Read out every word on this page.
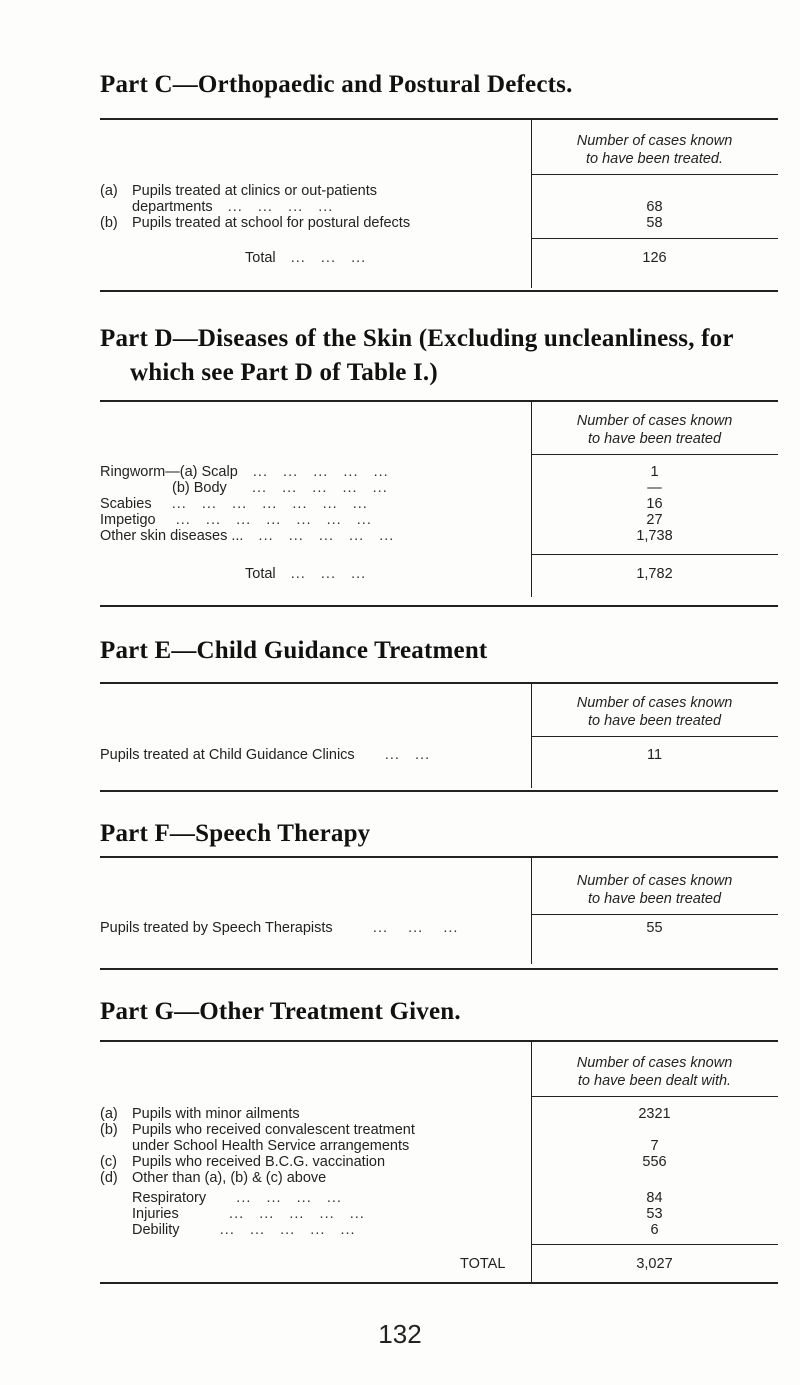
Part C—Orthopaedic and Postural Defects.
Number of cases known
to have been treated.
(a) Pupils treated at clinics or out-patients
departments   ...   ...   ...   ...	68
(b) Pupils treated at school for postural defects	58
Total   ...   ...   ...	126
Part D—Diseases of the Skin (Excluding uncleanliness, for
which see Part D of Table I.)
Number of cases known
to have been treated
Ringworm—(a) Scalp   ...   ...   ...   ...   ...	1
(b) Body     ...   ...   ...   ...   ...	—
Scabies    ...   ...   ...   ...   ...   ...   ...	16
Impetigo    ...   ...   ...   ...   ...   ...   ...	27
Other skin diseases ...   ...   ...   ...   ...   ...	1,738
Total   ...   ...   ...	1,782
Part E—Child Guidance Treatment
Number of cases known
to have been treated
Pupils treated at Child Guidance Clinics      ...   ...	11
Part F—Speech Therapy
Number of cases known
to have been treated
Pupils treated by Speech Therapists        ...    ...    ...	55
Part G—Other Treatment Given.
Number of cases known
to have been dealt with.
(a) Pupils with minor ailments	2321
(b) Pupils who received convalescent treatment
under School Health Service arrangements	7
(c) Pupils who received B.C.G. vaccination	556
(d) Other than (a), (b) & (c) above
Respiratory      ...   ...   ...   ...	84
Injuries          ...   ...   ...   ...   ...	53
Debility        ...   ...   ...   ...   ...	6
TOTAL	3,027
132
